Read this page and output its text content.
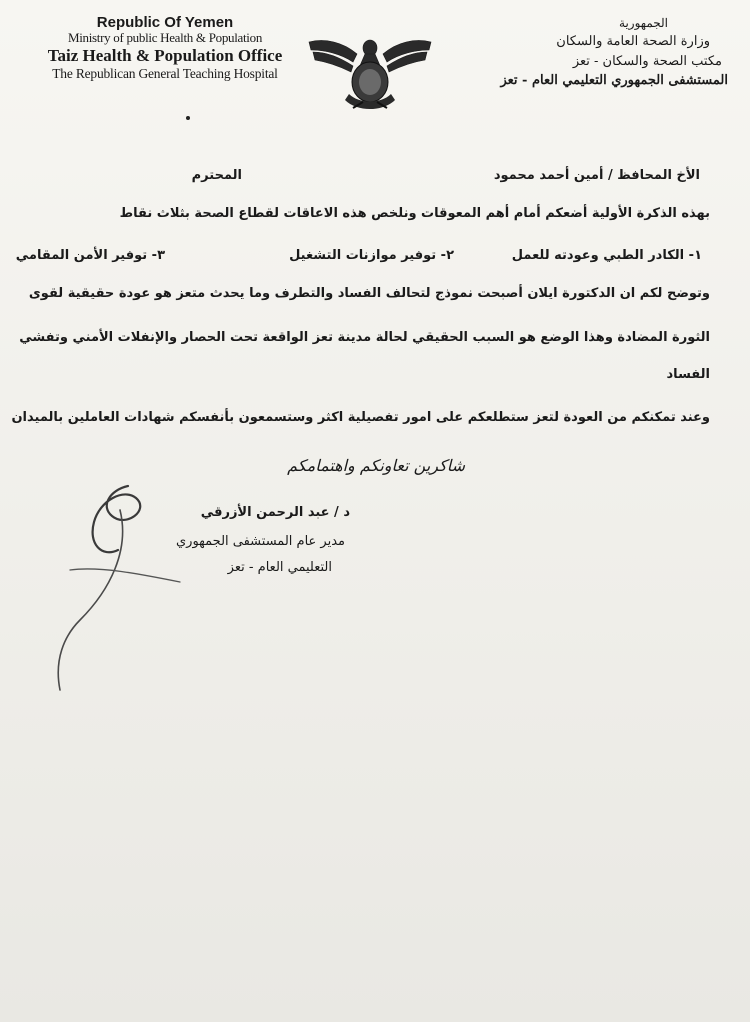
Republic Of Yemen
Ministry of public Health & Population
Taiz Health & Population Office
The Republican General Teaching Hospital
الجمهورية
وزارة الصحة العامة والسكان
مكتب الصحة والسكان - تعز
المستشفى الجمهوري التعليمي العام - تعز
الأخ المحافظ / أمين أحمد محمود
المحترم
بهذه الذكرة الأولية أضعكم أمام أهم المعوقات ونلخص هذه الاعاقات لقطاع الصحة بثلاث نقاط
١- الكادر الطبي وعودته للعمل
٢- توفير موازنات التشغيل
٣- توفير الأمن المقامي
وتوضح لكم ان الدكتورة ايلان أصبحت نموذج لتحالف الفساد والتطرف وما يحدث متعز هو عودة حقيقية لقوى
الثورة المضادة وهذا الوضع هو السبب الحقيقي لحالة مدينة تعز الواقعة تحت الحصار والإنفلات الأمني وتفشي
الفساد
وعند تمكنكم من العودة لتعز ستطلعكم على امور تفصيلية اكثر وستسمعون بأنفسكم شهادات العاملين بالميدان
شاكرين تعاونكم واهتمامكم
د / عبد الرحمن الأزرقي
مدير عام المستشفى الجمهوري
التعليمي العام - تعز
